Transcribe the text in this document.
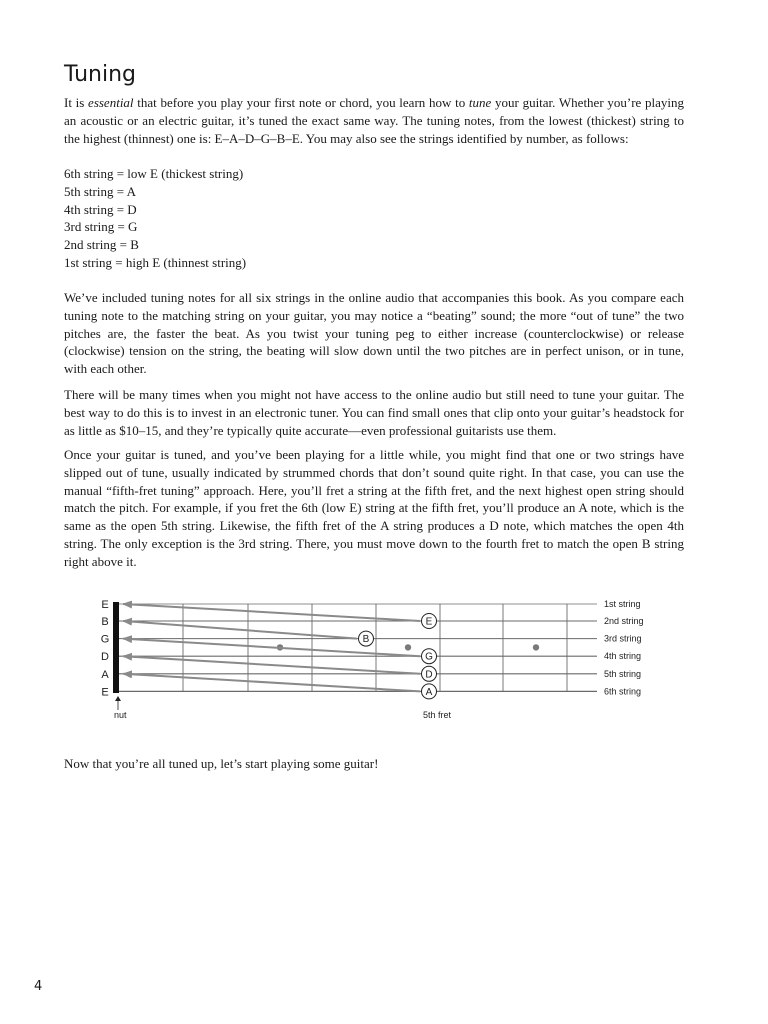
Tuning

It is essential that before you play your first note or chord, you learn how to tune your guitar. Whether you’re playing an acoustic or an electric guitar, it’s tuned the exact same way. The tuning notes, from the lowest (thickest) string to the highest (thinnest) one is: E–A–D–G–B–E. You may also see the strings identified by number, as follows:

6th string = low E (thickest string)
5th string = A
4th string = D
3rd string = G
2nd string = B
1st string = high E (thinnest string)

We’ve included tuning notes for all six strings in the online audio that accompanies this book. As you compare each tuning note to the matching string on your guitar, you may notice a “beating” sound; the more “out of tune” the two pitches are, the faster the beat. As you twist your tuning peg to either increase (counterclockwise) or release (clockwise) tension on the string, the beating will slow down until the two pitches are in perfect unison, or in tune, with each other.

There will be many times when you might not have access to the online audio but still need to tune your guitar. The best way to do this is to invest in an electronic tuner. You can find small ones that clip onto your guitar’s headstock for as little as $10–15, and they’re typically quite accurate—even professional guitarists use them.

Once your guitar is tuned, and you’ve been playing for a little while, you might find that one or two strings have slipped out of tune, usually indicated by strummed chords that don’t sound quite right. In that case, you can use the manual “fifth-fret tuning” approach. Here, you’ll fret a string at the fifth fret, and the next highest open string should match the pitch. For example, if you fret the 6th (low E) string at the fifth fret, you’ll produce an A note, which is the same as the open 5th string. Likewise, the fifth fret of the A string produces a D note, which matches the open 4th string. The only exception is the 3rd string. There, you must move down to the fourth fret to match the open B string right above it.

E
B
G
D
A
E
B
G
D
A
E
1st string
2nd string
3rd string
4th string
5th string
6th string
nut	5th fret

Now that you’re all tuned up, let’s start playing some guitar!

4
